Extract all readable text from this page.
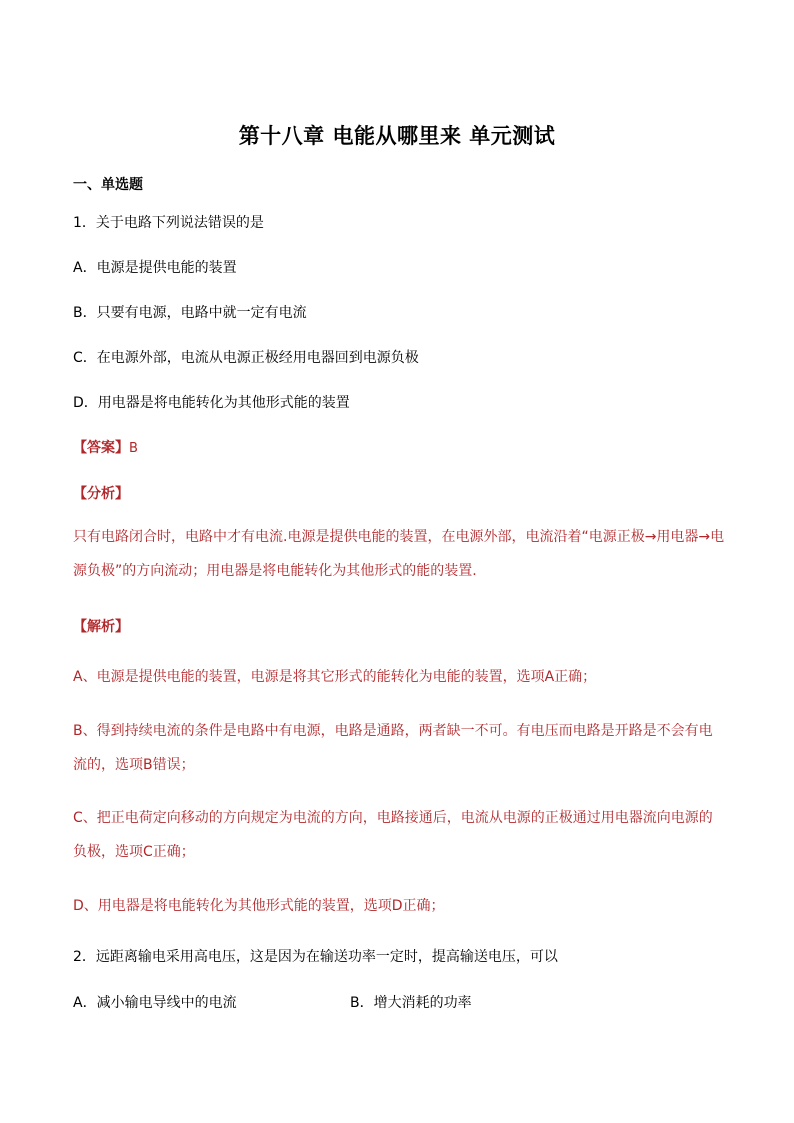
第十八章 电能从哪里来 单元测试
一、单选题
1．关于电路下列说法错误的是
A．电源是提供电能的装置
B．只要有电源，电路中就一定有电流
C．在电源外部，电流从电源正极经用电器回到电源负极
D．用电器是将电能转化为其他形式能的装置
【答案】B
【分析】
只有电路闭合时，电路中才有电流.电源是提供电能的装置，在电源外部，电流沿着“电源正极→用电器→电源负极”的方向流动；用电器是将电能转化为其他形式的能的装置.
【解析】
A、电源是提供电能的装置，电源是将其它形式的能转化为电能的装置，选项A正确；
B、得到持续电流的条件是电路中有电源，电路是通路，两者缺一不可。有电压而电路是开路是不会有电流的，选项B错误；
C、把正电荷定向移动的方向规定为电流的方向，电路接通后，电流从电源的正极通过用电器流向电源的负极，选项C正确；
D、用电器是将电能转化为其他形式能的装置，选项D正确；
2．远距离输电采用高电压，这是因为在输送功率一定时，提高输送电压，可以
A．减小输电导线中的电流	B．增大消耗的功率
